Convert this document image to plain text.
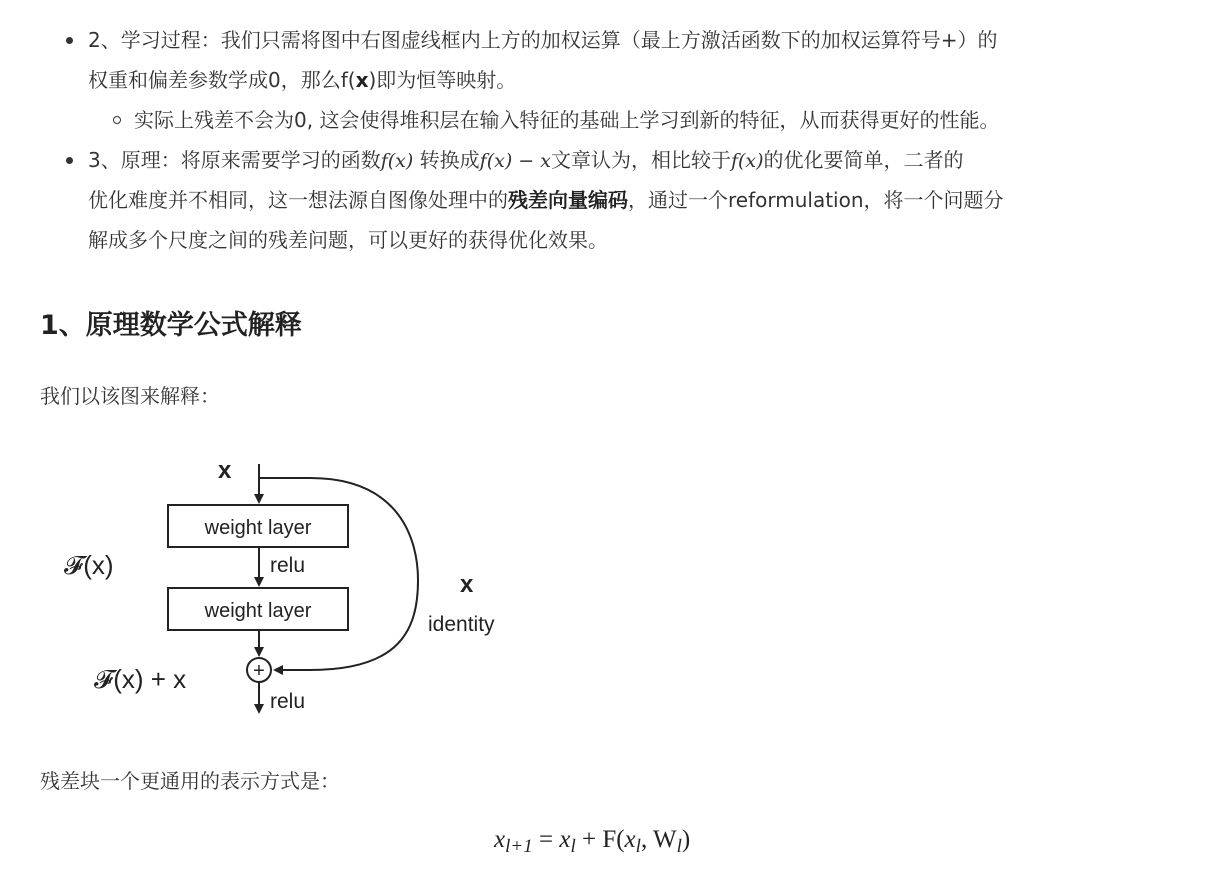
2、学习过程：我们只需将图中右图虚线框内上方的加权运算（最上方激活函数下的加权运算符号+）的
权重和偏差参数学成0，那么f(x)即为恒等映射。
实际上残差不会为0, 这会使得堆积层在输入特征的基础上学习到新的特征，从而获得更好的性能。
3、原理：将原来需要学习的函数f(x) 转换成f(x) − x文章认为，相比较于f(x)的优化要简单，二者的
优化难度并不相同，这一想法源自图像处理中的残差向量编码，通过一个reformulation，将一个问题分
解成多个尺度之间的残差问题，可以更好的获得优化效果。
1、原理数学公式解释
我们以该图来解释：
x
weight layer
relu
weight layer
+
relu
x
identity
𝓕(x)
𝓕(x) + x
残差块一个更通用的表示方式是：
$x_{l+1} = x_l + F(x_l$, $W_l$)
